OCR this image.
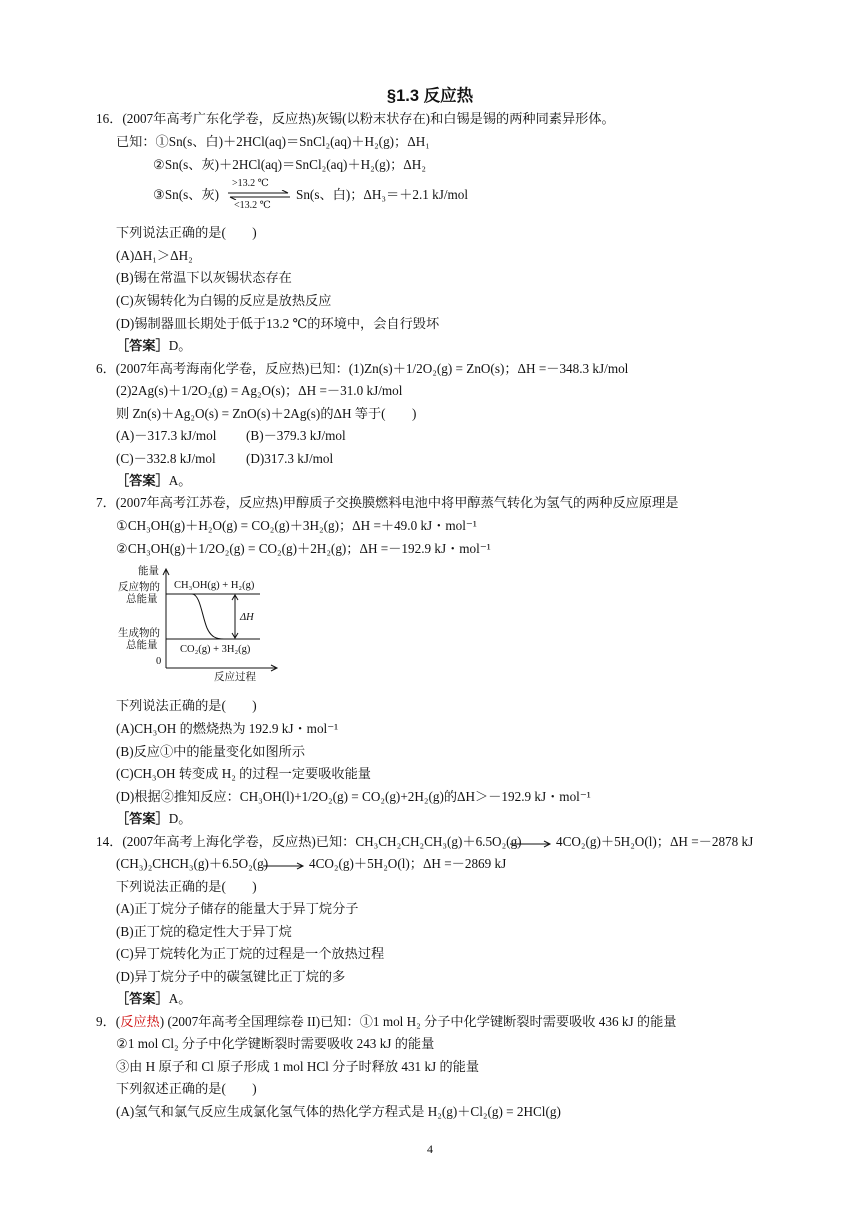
§1.3 反应热
16．(2007年高考广东化学卷，反应热)灰锡(以粉末状存在)和白锡是锡的两种同素异形体。
已知：①Sn(s、白)＋2HCl(aq)＝SnCl₂(aq)＋H₂(g)；ΔH₁
②Sn(s、灰)＋2HCl(aq)＝SnCl₂(aq)＋H₂(g)；ΔH₂
③Sn(s、灰)
>13.2 ℃
<13.2 ℃
Sn(s、白)；ΔH₃＝＋2.1 kJ/mol
下列说法正确的是(　　)
(A)ΔH₁＞ΔH₂
(B)锡在常温下以灰锡状态存在
(C)灰锡转化为白锡的反应是放热反应
(D)锡制器皿长期处于低于13.2 ℃的环境中，会自行毁坏
［答案］D。
6．(2007年高考海南化学卷，反应热)已知：(1)Zn(s)＋1/2O₂(g) = ZnO(s)；ΔH =－348.3 kJ/mol
(2)2Ag(s)＋1/2O₂(g) = Ag₂O(s)；ΔH =－31.0 kJ/mol
则 Zn(s)＋Ag₂O(s) = ZnO(s)＋2Ag(s)的ΔH 等于(　　)
(A)－317.3 kJ/mol (B)－379.3 kJ/mol
(C)－332.8 kJ/mol (D)317.3 kJ/mol
［答案］A。
7．(2007年高考江苏卷，反应热)甲醇质子交换膜燃料电池中将甲醇蒸气转化为氢气的两种反应原理是
①CH₃OH(g)＋H₂O(g) = CO₂(g)＋3H₂(g)；ΔH =＋49.0 kJ・mol⁻¹
②CH₃OH(g)＋1/2O₂(g) = CO₂(g)＋2H₂(g)；ΔH =－192.9 kJ・mol⁻¹
能量
反应物的
总能量
生成物的
总能量
0
CH₃OH(g) + H₂(g)
ΔH
CO₂(g) + 3H₂(g)
反应过程
下列说法正确的是(　　)
(A)CH₃OH 的燃烧热为 192.9 kJ・mol⁻¹
(B)反应①中的能量变化如图所示
(C)CH₃OH 转变成 H₂ 的过程一定要吸收能量
(D)根据②推知反应：CH₃OH(l)+1/2O₂(g) = CO₂(g)+2H₂(g)的ΔH＞－192.9 kJ・mol⁻¹
［答案］D。
14．(2007年高考上海化学卷，反应热)已知：CH₃CH₂CH₂CH₃(g)＋6.5O₂(g) → 4CO₂(g)＋5H₂O(l)；ΔH =－2878 kJ
(CH₃)₂CHCH₃(g)＋6.5O₂(g) → 4CO₂(g)＋5H₂O(l)；ΔH =－2869 kJ
下列说法正确的是(　　)
(A)正丁烷分子储存的能量大于异丁烷分子
(B)正丁烷的稳定性大于异丁烷
(C)异丁烷转化为正丁烷的过程是一个放热过程
(D)异丁烷分子中的碳氢键比正丁烷的多
［答案］A。
9．(反应热) (2007年高考全国理综卷 II)已知：①1 mol H₂ 分子中化学键断裂时需要吸收 436 kJ 的能量
②1 mol Cl₂ 分子中化学键断裂时需要吸收 243 kJ 的能量
③由 H 原子和 Cl 原子形成 1 mol HCl 分子时释放 431 kJ 的能量
下列叙述正确的是(　　)
(A)氢气和氯气反应生成氯化氢气体的热化学方程式是 H₂(g)＋Cl₂(g) = 2HCl(g)
4
